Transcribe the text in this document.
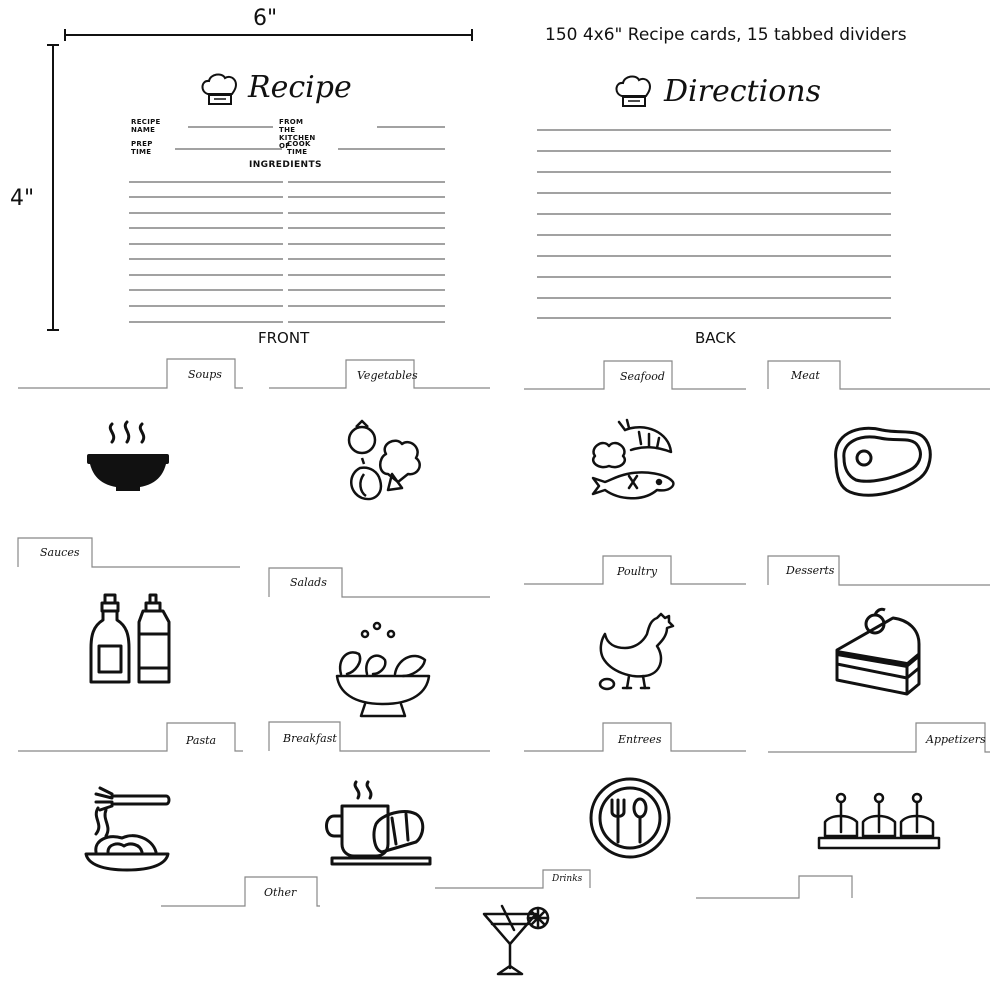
150 4x6" Recipe cards, 15 tabbed dividers
6"
4"
Recipe
RECIPE NAME
FROM THE KITCHEN OF
PREP TIME
COOK TIME
INGREDIENTS
FRONT
Directions
BACK
Soups	Vegetables	Seafood	Meat
Sauces
Salads
Poultry	Desserts
Pasta	Breakfast	Entrees	Appetizers
Other
Drinks
